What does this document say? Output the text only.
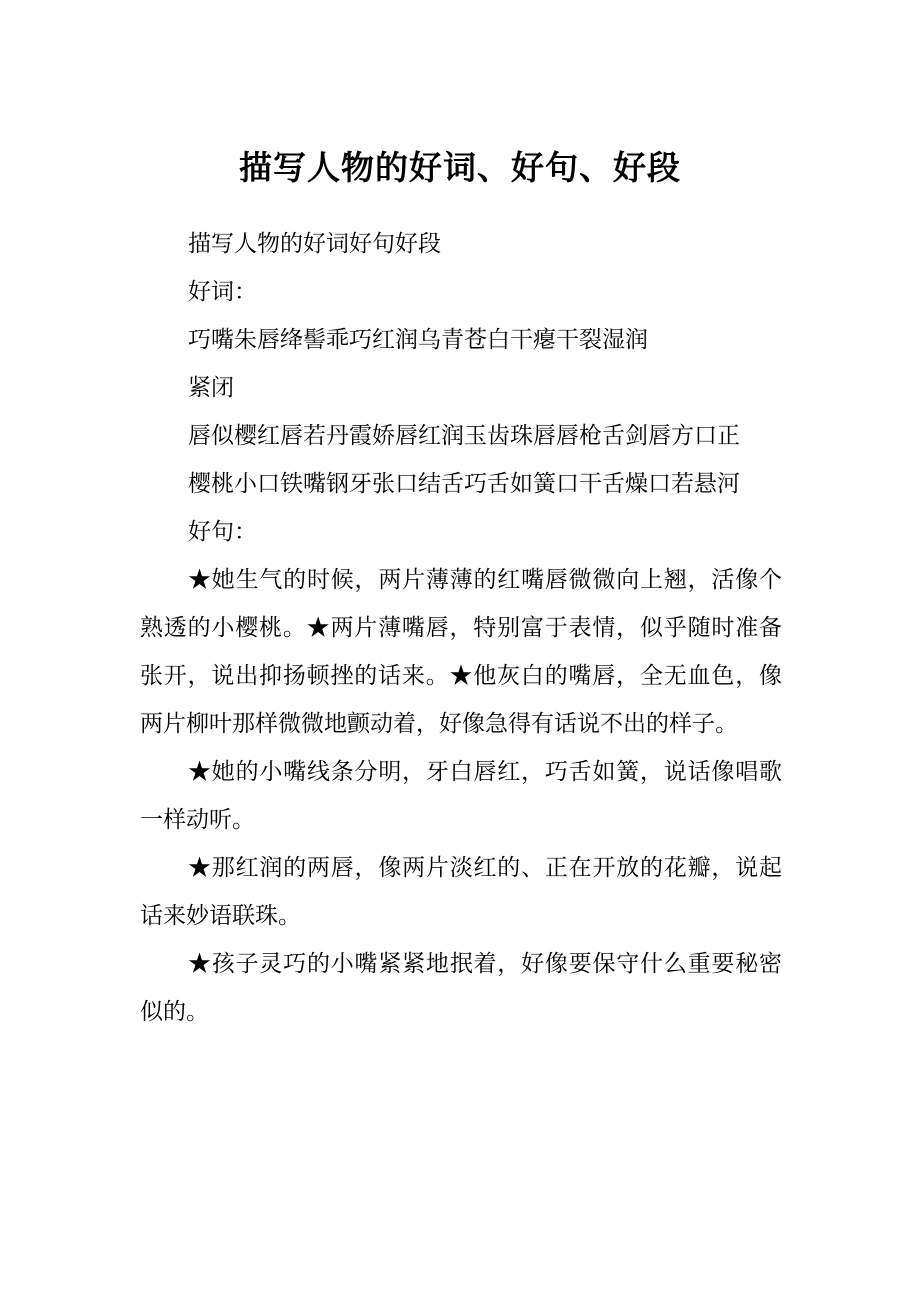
描写人物的好词、好句、好段

描写人物的好词好句好段

好词：

巧嘴朱唇绛髻乖巧红润乌青苍白干瘪干裂湿润

紧闭

唇似樱红唇若丹霞娇唇红润玉齿珠唇唇枪舌剑唇方口正

樱桃小口铁嘴钢牙张口结舌巧舌如簧口干舌燥口若悬河

好句：

★她生气的时候，两片薄薄的红嘴唇微微向上翘，活像个熟透的小樱桃。★两片薄嘴唇，特别富于表情，似乎随时准备张开，说出抑扬顿挫的话来。★他灰白的嘴唇，全无血色，像两片柳叶那样微微地颤动着，好像急得有话说不出的样子。

★她的小嘴线条分明，牙白唇红，巧舌如簧，说话像唱歌一样动听。

★那红润的两唇，像两片淡红的、正在开放的花瓣，说起话来妙语联珠。

★孩子灵巧的小嘴紧紧地抿着，好像要保守什么重要秘密似的。
